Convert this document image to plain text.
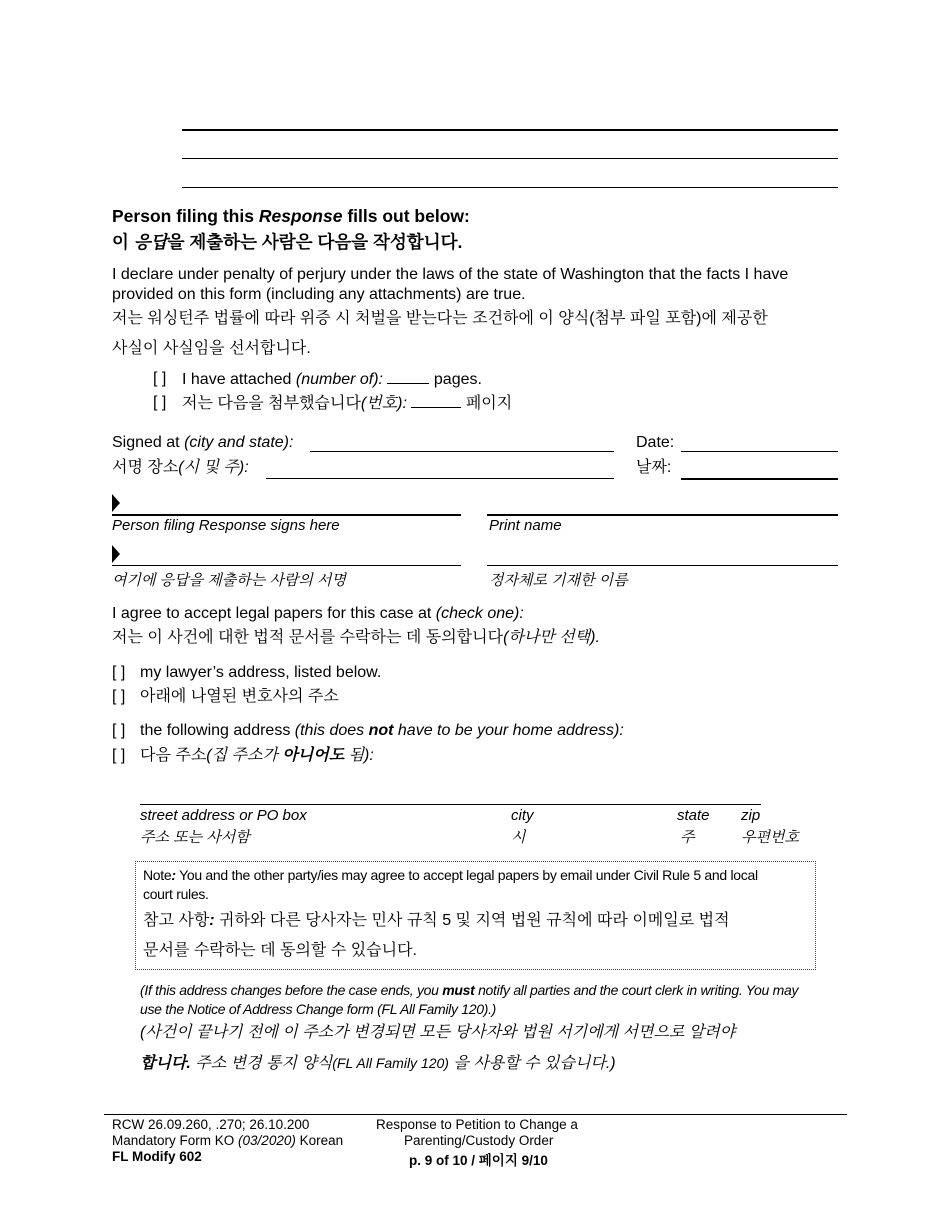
Person filing this Response fills out below:
이 응답을 제출하는 사람은 다음을 작성합니다.
I declare under penalty of perjury under the laws of the state of Washington that the facts I have
provided on this form (including any attachments) are true.
저는 워싱턴주 법률에 따라 위증 시 처벌을 받는다는 조건하에 이 양식(첨부 파일 포함)에 제공한
사실이 사실임을 선서합니다.
[ ] I have attached (number of):	pages.
[ ] 저는 다음을 첨부했습니다(번호):	페이지
Signed at (city and state):	Date:
서명 장소(시 및 주):	날짜:
Person filing Response signs here	Print name
여기에 응답을 제출하는 사람의 서명	정자체로 기재한 이름
I agree to accept legal papers for this case at (check one):
저는 이 사건에 대한 법적 문서를 수락하는 데 동의합니다(하나만 선택).
[ ] my lawyer’s address, listed below.
[ ] 아래에 나열된 변호사의 주소
[ ] the following address (this does not have to be your home address):
[ ] 다음 주소(집 주소가 아니어도 됨):
street address or PO box	city	state zip
주소 또는 사서함	시	주	우편번호
Note: You and the other party/ies may agree to accept legal papers by email under Civil Rule 5 and local
court rules.
참고 사항: 귀하와 다른 당사자는 민사 규칙 5 및 지역 법원 규칙에 따라 이메일로 법적
문서를 수락하는 데 동의할 수 있습니다.
(If this address changes before the case ends, you must notify all parties and the court clerk in writing. You may
use the Notice of Address Change form (FL All Family 120).)
(사건이 끝나기 전에 이 주소가 변경되면 모든 당사자와 법원 서기에게 서면으로 알려야
합니다. 주소 변경 통지 양식(FL All Family 120) 을 사용할 수 있습니다.)
RCW 26.09.260, .270; 26.10.200
Mandatory Form KO (03/2020) Korean
FL Modify 602
Response to Petition to Change a
Parenting/Custody Order
p. 9 of 10 / 페이지 9/10
